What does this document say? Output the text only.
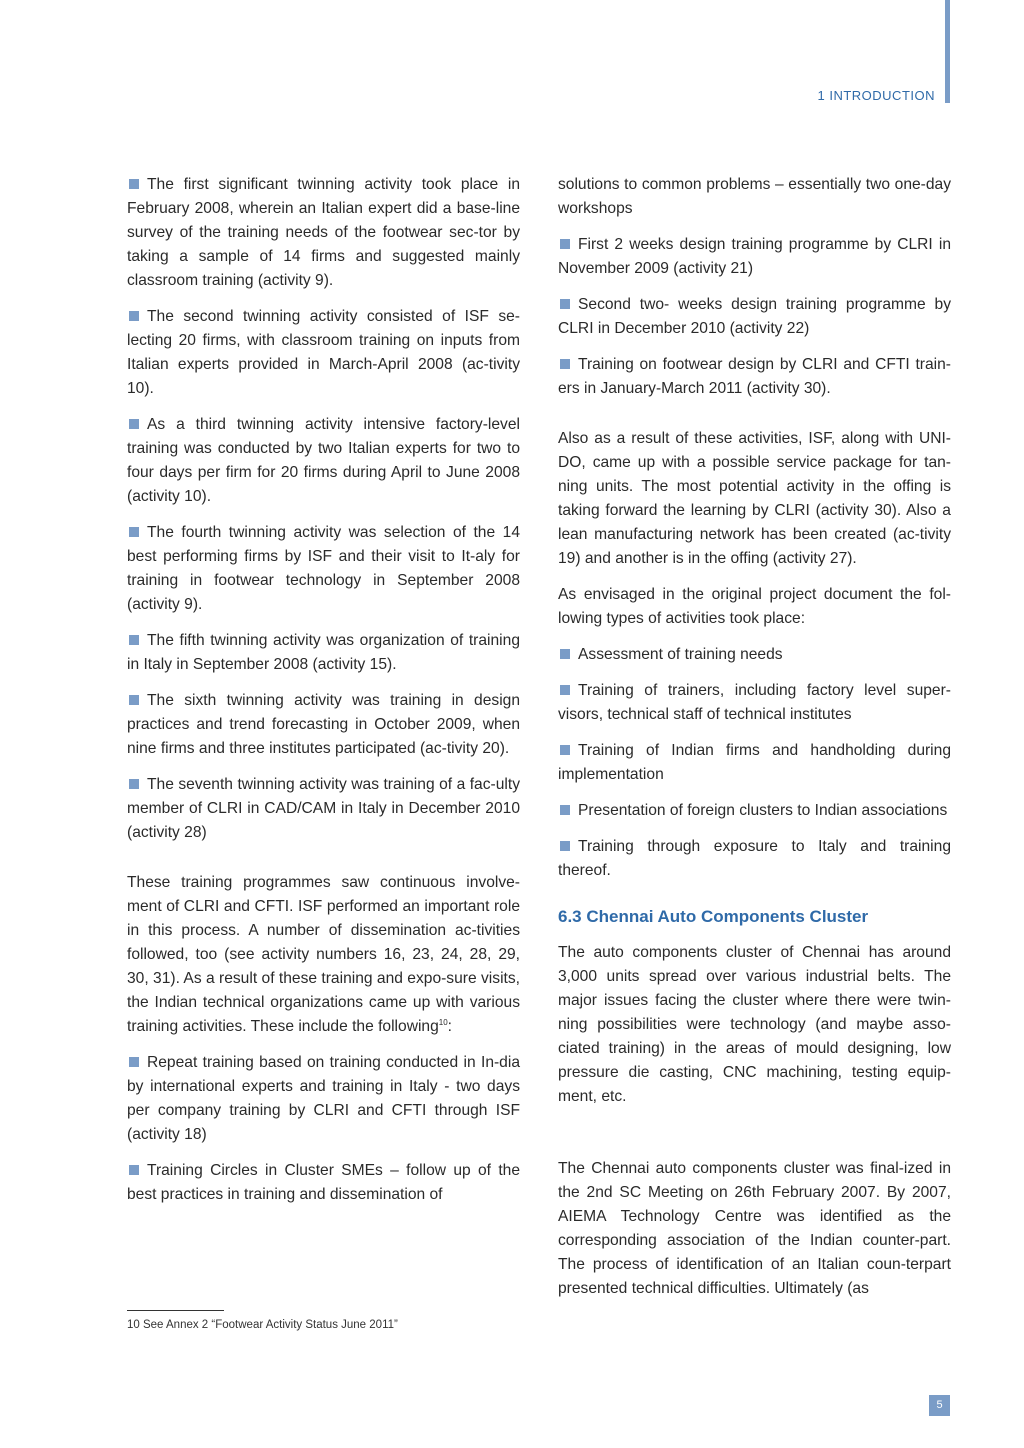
1 INTRODUCTION

The first significant twinning activity took place in February 2008, wherein an Italian expert did a base-line survey of the training needs of the footwear sec-tor by taking a sample of 14 firms and suggested mainly classroom training (activity 9).

The second twinning activity consisted of ISF se-lecting 20 firms, with classroom training on inputs from Italian experts provided in March-April 2008 (ac-tivity 10).

As a third twinning activity intensive factory-level training was conducted by two Italian experts for two to four days per firm for 20 firms during April to June 2008 (activity 10).

The fourth twinning activity was selection of the 14 best performing firms by ISF and their visit to It-aly for training in footwear technology in September 2008 (activity 9).

The fifth twinning activity was organization of training in Italy in September 2008 (activity 15).

The sixth twinning activity was training in design practices and trend forecasting in October 2009, when nine firms and three institutes participated (ac-tivity 20).

The seventh twinning activity was training of a fac-ulty member of CLRI in CAD/CAM in Italy in December 2010 (activity 28)

These training programmes saw continuous involve-ment of CLRI and CFTI. ISF performed an important role in this process. A number of dissemination ac-tivities followed, too (see activity numbers 16, 23, 24, 28, 29, 30, 31). As a result of these training and expo-sure visits, the Indian technical organizations came up with various training activities. These include the following$^{10}$:

Repeat training based on training conducted in In-dia by international experts and training in Italy - two days per company training by CLRI and CFTI through ISF (activity 18)

Training Circles in Cluster SMEs – follow up of the best practices in training and dissemination of

solutions to common problems – essentially two one-day workshops

First 2 weeks design training programme by CLRI in November 2009 (activity 21)

Second two- weeks design training programme by CLRI in December 2010 (activity 22)

Training on footwear design by CLRI and CFTI train-ers in January-March 2011 (activity 30).

Also as a result of these activities, ISF, along with UNI-DO, came up with a possible service package for tan-ning units. The most potential activity in the offing is taking forward the learning by CLRI (activity 30). Also a lean manufacturing network has been created (ac-tivity 19) and another is in the offing (activity 27).

As envisaged in the original project document the fol-lowing types of activities took place:

Assessment of training needs

Training of trainers, including factory level super-visors, technical staff of technical institutes

Training of Indian firms and handholding during implementation

Presentation of foreign clusters to Indian associations

Training through exposure to Italy and training thereof.

6.3 Chennai Auto Components Cluster

The auto components cluster of Chennai has around 3,000 units spread over various industrial belts. The major issues facing the cluster where there were twin-ning possibilities were technology (and maybe asso-ciated training) in the areas of mould designing, low pressure die casting, CNC machining, testing equip-ment, etc.

The Chennai auto components cluster was final-ized in the 2nd SC Meeting on 26th February 2007. By 2007, AIEMA Technology Centre was identified as the corresponding association of the Indian counter-part. The process of identification of an Italian coun-terpart presented technical difficulties. Ultimately (as

10 See Annex 2 “Footwear Activity Status June 2011”
5
